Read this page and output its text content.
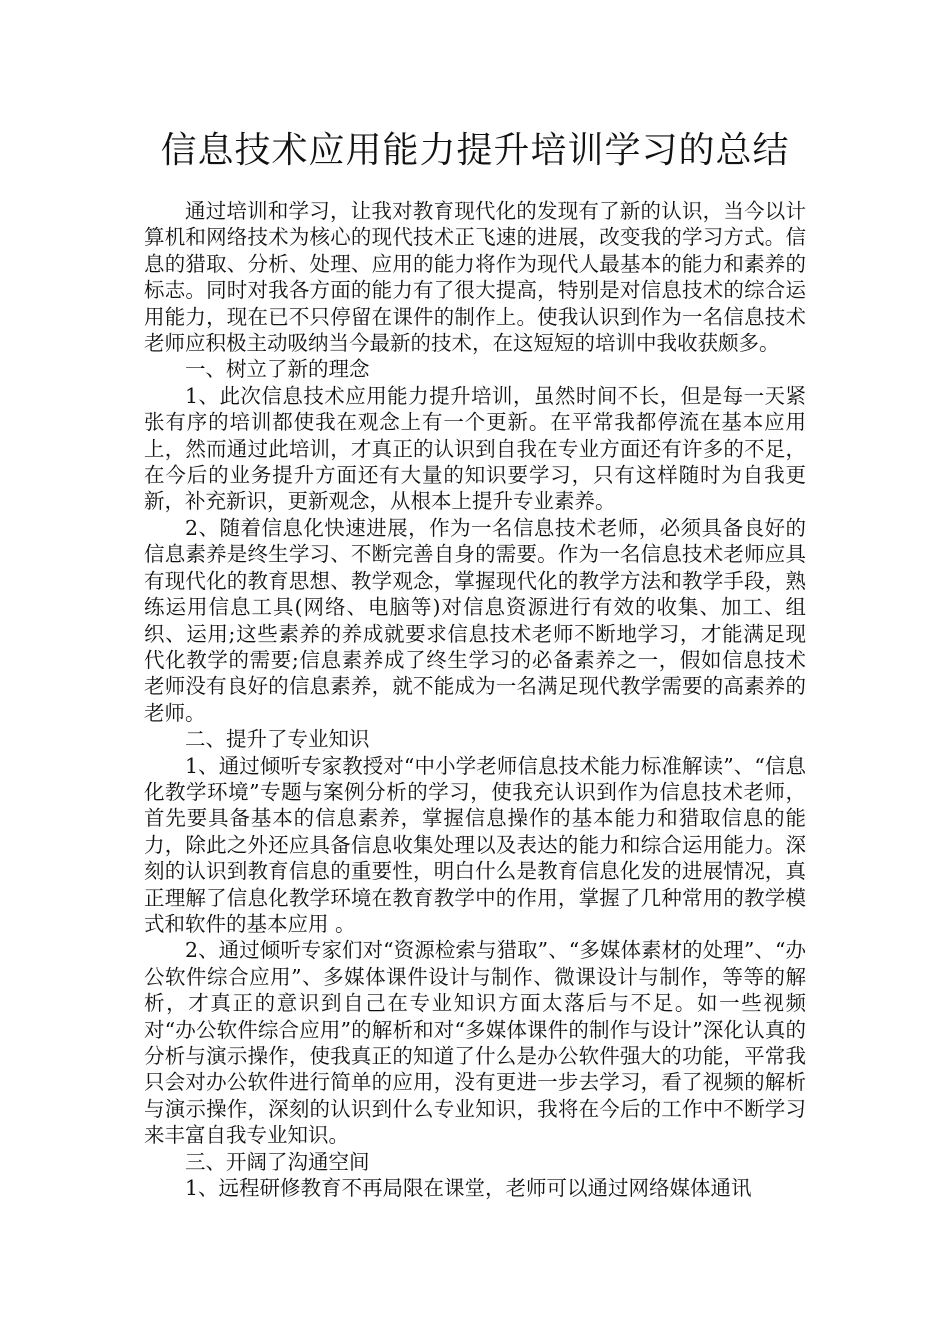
信息技术应用能力提升培训学习的总结

通过培训和学习，让我对教育现代化的发现有了新的认识，当今以计算机和网络技术为核心的现代技术正飞速的进展，改变我的学习方式。信息的猎取、分析、处理、应用的能力将作为现代人最基本的能力和素养的标志。同时对我各方面的能力有了很大提高，特别是对信息技术的综合运用能力，现在已不只停留在课件的制作上。使我认识到作为一名信息技术老师应积极主动吸纳当今最新的技术，在这短短的培训中我收获颇多。

一、树立了新的理念

1、此次信息技术应用能力提升培训，虽然时间不长，但是每一天紧张有序的培训都使我在观念上有一个更新。在平常我都停流在基本应用上，然而通过此培训，才真正的认识到自我在专业方面还有许多的不足，在今后的业务提升方面还有大量的知识要学习，只有这样随时为自我更新，补充新识，更新观念，从根本上提升专业素养。

2、随着信息化快速进展，作为一名信息技术老师，必须具备良好的信息素养是终生学习、不断完善自身的需要。作为一名信息技术老师应具有现代化的教育思想、教学观念，掌握现代化的教学方法和教学手段，熟练运用信息工具(网络、电脑等)对信息资源进行有效的收集、加工、组织、运用;这些素养的养成就要求信息技术老师不断地学习，才能满足现代化教学的需要;信息素养成了终生学习的必备素养之一，假如信息技术老师没有良好的信息素养，就不能成为一名满足现代教学需要的高素养的老师。

二、提升了专业知识

1、通过倾听专家教授对“中小学老师信息技术能力标准解读”、“信息化教学环境”专题与案例分析的学习，使我充认识到作为信息技术老师，首先要具备基本的信息素养，掌握信息操作的基本能力和猎取信息的能力，除此之外还应具备信息收集处理以及表达的能力和综合运用能力。深刻的认识到教育信息的重要性，明白什么是教育信息化发的进展情况，真正理解了信息化教学环境在教育教学中的作用，掌握了几种常用的教学模式和软件的基本应用 。

2、通过倾听专家们对“资源检索与猎取”、“多媒体素材的处理”、“办公软件综合应用”、多媒体课件设计与制作、微课设计与制作，等等的解析，才真正的意识到自己在专业知识方面太落后与不足。如一些视频对“办公软件综合应用”的解析和对“多媒体课件的制作与设计”深化认真的分析与演示操作，使我真正的知道了什么是办公软件强大的功能，平常我只会对办公软件进行简单的应用，没有更进一步去学习，看了视频的解析与演示操作，深刻的认识到什么专业知识，我将在今后的工作中不断学习来丰富自我专业知识。

三、开阔了沟通空间

1、远程研修教育不再局限在课堂，老师可以通过网络媒体通讯
